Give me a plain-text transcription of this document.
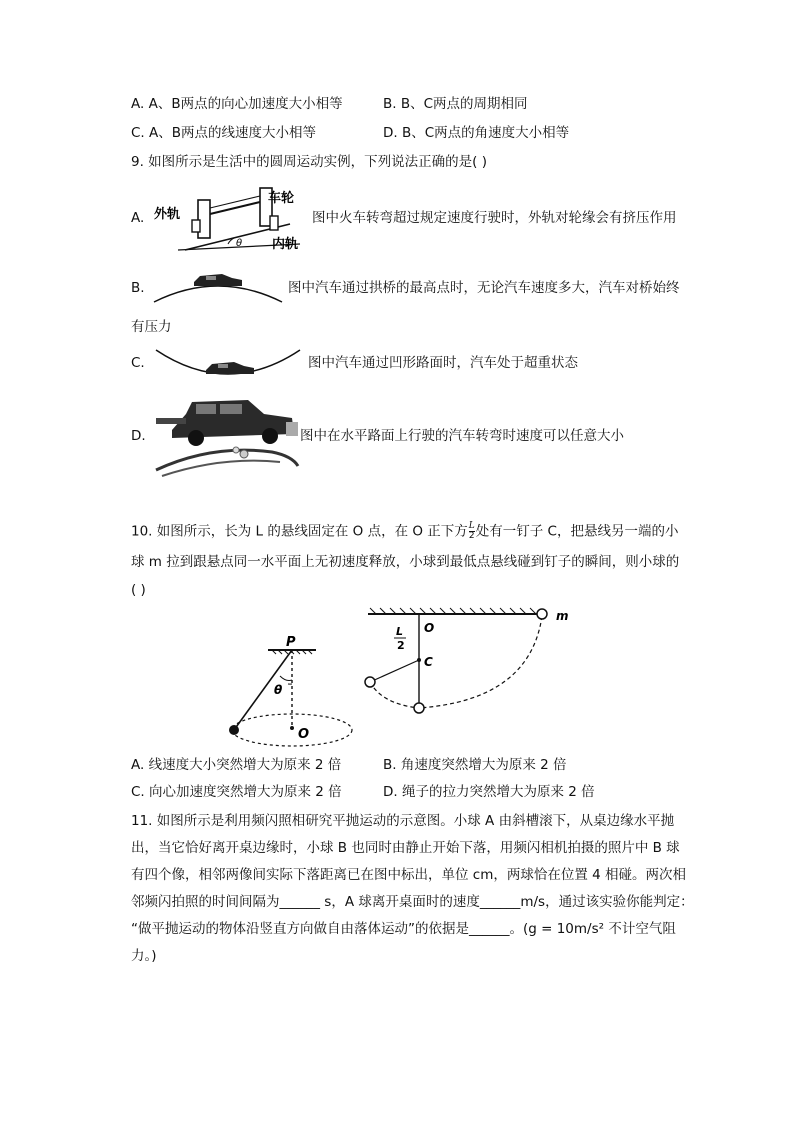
A. A、B两点的向心加速度大小相等	B. B、C两点的周期相同
C. A、B两点的线速度大小相等	D. B、C两点的角速度大小相等
9. 如图所示是生活中的圆周运动实例，下列说法正确的是( )
A. 外轨
车轮
内轨
θ
图中火车转弯超过规定速度行驶时，外轨对轮缘会有挤压作用
B.	图中汽车通过拱桥的最高点时，无论汽车速度多大，汽车对桥始终
有压力
C.	图中汽车通过凹形路面时，汽车处于超重状态
D.	图中在水平路面上行驶的汽车转弯时速度可以任意大小
10. 如图所示，长为 L 的悬线固定在 O 点，在 O 正下方 $\frac{L}{2}$ 处有一钉子 C，把悬线另一端的小
球 m 拉到跟悬点同一水平面上无初速度释放，小球到最低点悬线碰到钉子的瞬间，则小球的
( )
P
θ
O
O
L
2
C
m
A. 线速度大小突然增大为原来 2 倍	B. 角速度突然增大为原来 2 倍
C. 向心加速度突然增大为原来 2 倍	D. 绳子的拉力突然增大为原来 2 倍
11. 如图所示是利用频闪照相研究平抛运动的示意图。小球 A 由斜槽滚下，从桌边缘水平抛
出，当它恰好离开桌边缘时，小球 B 也同时由静止开始下落，用频闪相机拍摄的照片中 B 球
有四个像，相邻两像间实际下落距离已在图中标出，单位 cm，两球恰在位置 4 相碰。两次相
邻频闪拍照的时间间隔为______ s，A 球离开桌面时的速度______m/s，通过该实验你能判定：
“做平抛运动的物体沿竖直方向做自由落体运动”的依据是______。(g = 10m/s² 不计空气阻
力。)
